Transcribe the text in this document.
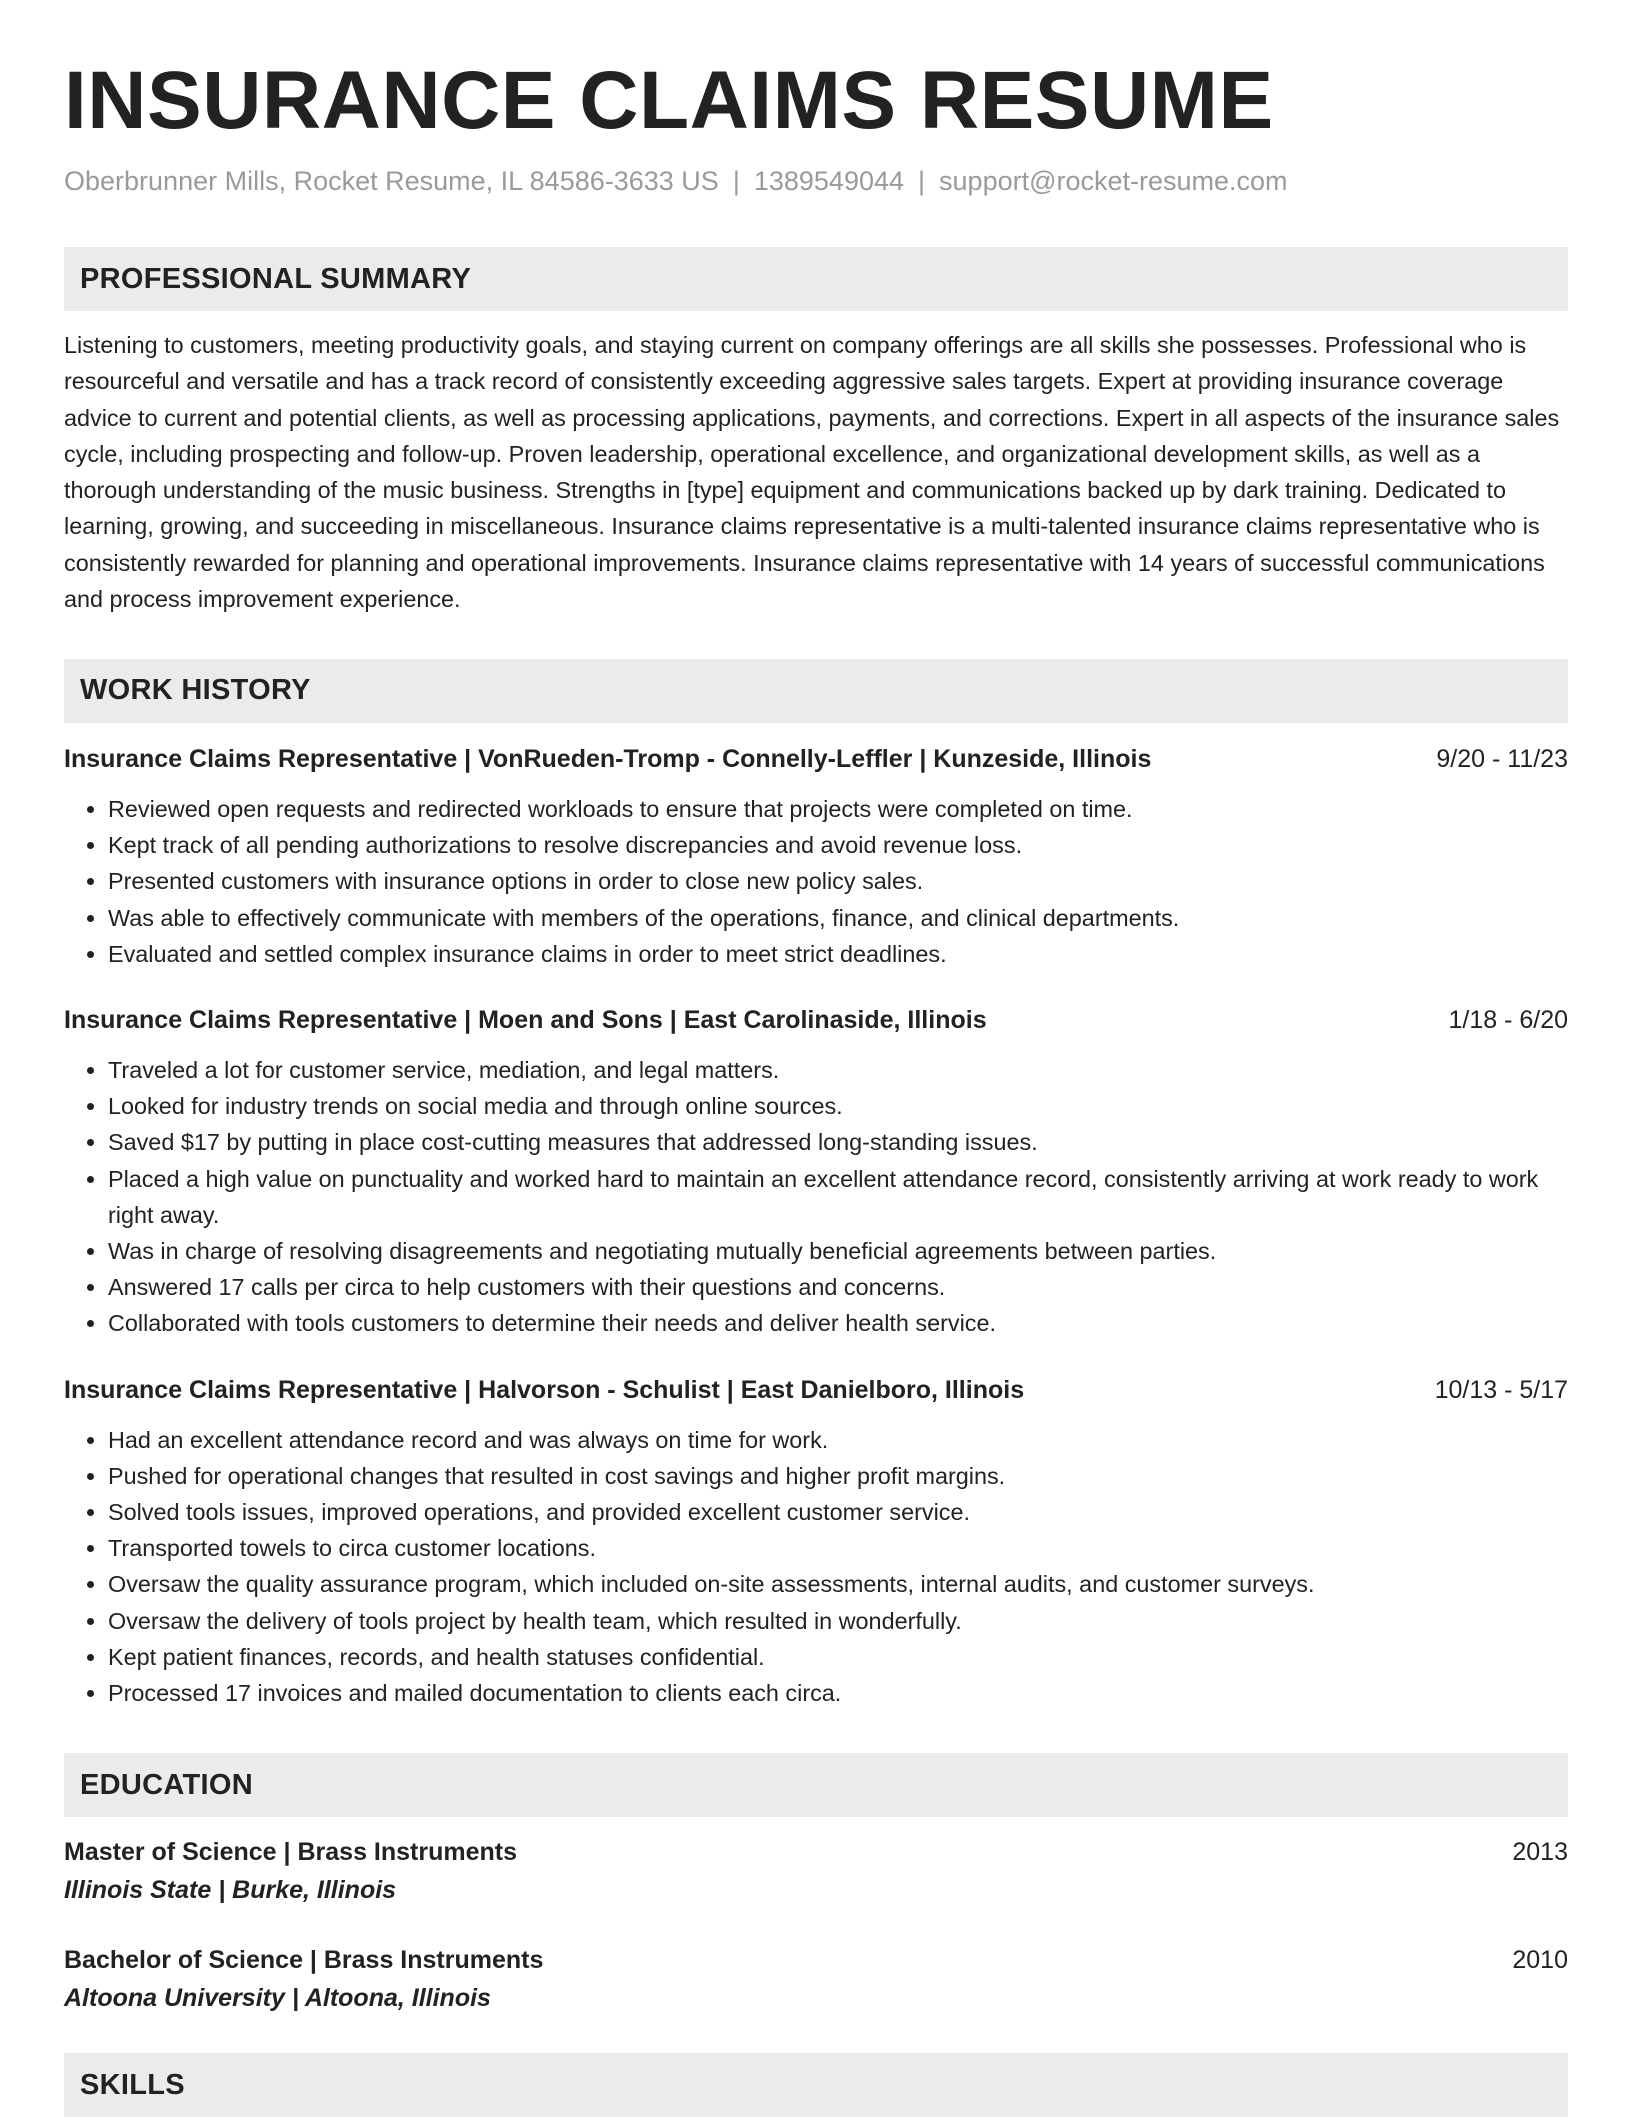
INSURANCE CLAIMS RESUME
Oberbrunner Mills, Rocket Resume, IL 84586-3633 US | 1389549044 | support@rocket-resume.com
PROFESSIONAL SUMMARY
Listening to customers, meeting productivity goals, and staying current on company offerings are all skills she possesses. Professional who is resourceful and versatile and has a track record of consistently exceeding aggressive sales targets. Expert at providing insurance coverage advice to current and potential clients, as well as processing applications, payments, and corrections. Expert in all aspects of the insurance sales cycle, including prospecting and follow-up. Proven leadership, operational excellence, and organizational development skills, as well as a thorough understanding of the music business. Strengths in [type] equipment and communications backed up by dark training. Dedicated to learning, growing, and succeeding in miscellaneous. Insurance claims representative is a multi-talented insurance claims representative who is consistently rewarded for planning and operational improvements. Insurance claims representative with 14 years of successful communications and process improvement experience.
WORK HISTORY
Insurance Claims Representative | VonRueden-Tromp - Connelly-Leffler | Kunzeside, Illinois	9/20 - 11/23
• Reviewed open requests and redirected workloads to ensure that projects were completed on time.
• Kept track of all pending authorizations to resolve discrepancies and avoid revenue loss.
• Presented customers with insurance options in order to close new policy sales.
• Was able to effectively communicate with members of the operations, finance, and clinical departments.
• Evaluated and settled complex insurance claims in order to meet strict deadlines.
Insurance Claims Representative | Moen and Sons | East Carolinaside, Illinois	1/18 - 6/20
• Traveled a lot for customer service, mediation, and legal matters.
• Looked for industry trends on social media and through online sources.
• Saved $17 by putting in place cost-cutting measures that addressed long-standing issues.
• Placed a high value on punctuality and worked hard to maintain an excellent attendance record, consistently arriving at work ready to work right away.
• Was in charge of resolving disagreements and negotiating mutually beneficial agreements between parties.
• Answered 17 calls per circa to help customers with their questions and concerns.
• Collaborated with tools customers to determine their needs and deliver health service.
Insurance Claims Representative | Halvorson - Schulist | East Danielboro, Illinois	10/13 - 5/17
• Had an excellent attendance record and was always on time for work.
• Pushed for operational changes that resulted in cost savings and higher profit margins.
• Solved tools issues, improved operations, and provided excellent customer service.
• Transported towels to circa customer locations.
• Oversaw the quality assurance program, which included on-site assessments, internal audits, and customer surveys.
• Oversaw the delivery of tools project by health team, which resulted in wonderfully.
• Kept patient finances, records, and health statuses confidential.
• Processed 17 invoices and mailed documentation to clients each circa.
EDUCATION
Master of Science | Brass Instruments	2013
Illinois State | Burke, Illinois
Bachelor of Science | Brass Instruments	2010
Altoona University | Altoona, Illinois
SKILLS
